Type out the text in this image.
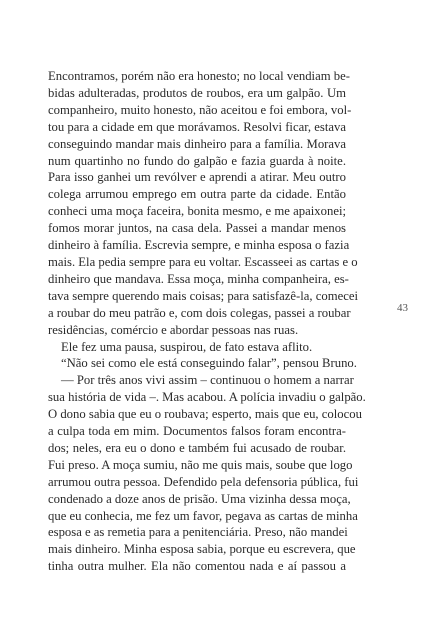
Encontramos, porém não era honesto; no local vendiam be-
bidas adulteradas, produtos de roubos, era um galpão. Um
companheiro, muito honesto, não aceitou e foi embora, vol-
tou para a cidade em que morávamos. Resolvi ficar, estava
conseguindo mandar mais dinheiro para a família. Morava
num quartinho no fundo do galpão e fazia guarda à noite.
Para isso ganhei um revólver e aprendi a atirar. Meu outro
colega arrumou emprego em outra parte da cidade. Então
conheci uma moça faceira, bonita mesmo, e me apaixonei;
fomos morar juntos, na casa dela. Passei a mandar menos
dinheiro à família. Escrevia sempre, e minha esposa o fazia
mais. Ela pedia sempre para eu voltar. Escasseei as cartas e o
dinheiro que mandava. Essa moça, minha companheira, es-
tava sempre querendo mais coisas; para satisfazê-la, comecei
a roubar do meu patrão e, com dois colegas, passei a roubar
residências, comércio e abordar pessoas nas ruas.
Ele fez uma pausa, suspirou, de fato estava aflito.
“Não sei como ele está conseguindo falar”, pensou Bruno.
— Por três anos vivi assim – continuou o homem a narrar
sua história de vida –. Mas acabou. A polícia invadiu o galpão.
O dono sabia que eu o roubava; esperto, mais que eu, colocou
a culpa toda em mim. Documentos falsos foram encontra-
dos; neles, era eu o dono e também fui acusado de roubar.
Fui preso. A moça sumiu, não me quis mais, soube que logo
arrumou outra pessoa. Defendido pela defensoria pública, fui
condenado a doze anos de prisão. Uma vizinha dessa moça,
que eu conhecia, me fez um favor, pegava as cartas de minha
esposa e as remetia para a penitenciária. Preso, não mandei
mais dinheiro. Minha esposa sabia, porque eu escrevera, que
tinha outra mulher. Ela não comentou nada e aí passou a
43
